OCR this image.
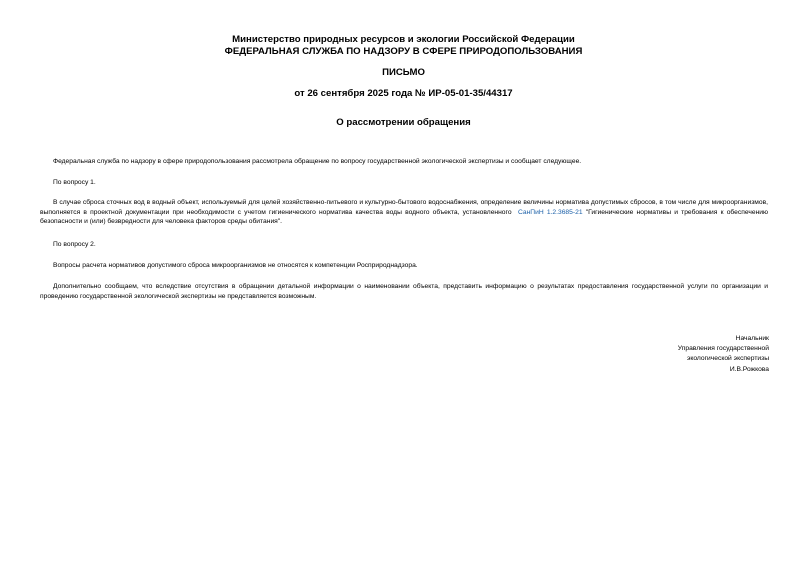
Министерство природных ресурсов и экологии Российской Федерации
ФЕДЕРАЛЬНАЯ СЛУЖБА ПО НАДЗОРУ В СФЕРЕ ПРИРОДОПОЛЬЗОВАНИЯ
ПИСЬМО
от 26 сентября 2025 года № ИР-05-01-35/44317
О рассмотрении обращения

Федеральная служба по надзору в сфере природопользования рассмотрела обращение по вопросу государственной экологической экспертизы и сообщает следующее.

По вопросу 1.

В случае сброса сточных вод в водный объект, используемый для целей хозяйственно-питьевого и культурно-бытового водоснабжения, определение величины норматива допустимых сбросов, в том числе для микроорганизмов, выполняется в проектной документации при необходимости с учетом гигиенического норматива качества воды водного объекта, установленного СанПиН 1.2.3685-21 "Гигиенические нормативы и требования к обеспечению безопасности и (или) безвредности для человека факторов среды обитания".

По вопросу 2.

Вопросы расчета нормативов допустимого сброса микроорганизмов не относятся к компетенции Росприроднадзора.

Дополнительно сообщаем, что вследствие отсутствия в обращении детальной информации о наименовании объекта, представить информацию о результатах предоставления государственной услуги по организации и проведению государственной экологической экспертизы не представляется возможным.

Начальник
Управления государственной
экологической экспертизы
И.В.Рожкова
